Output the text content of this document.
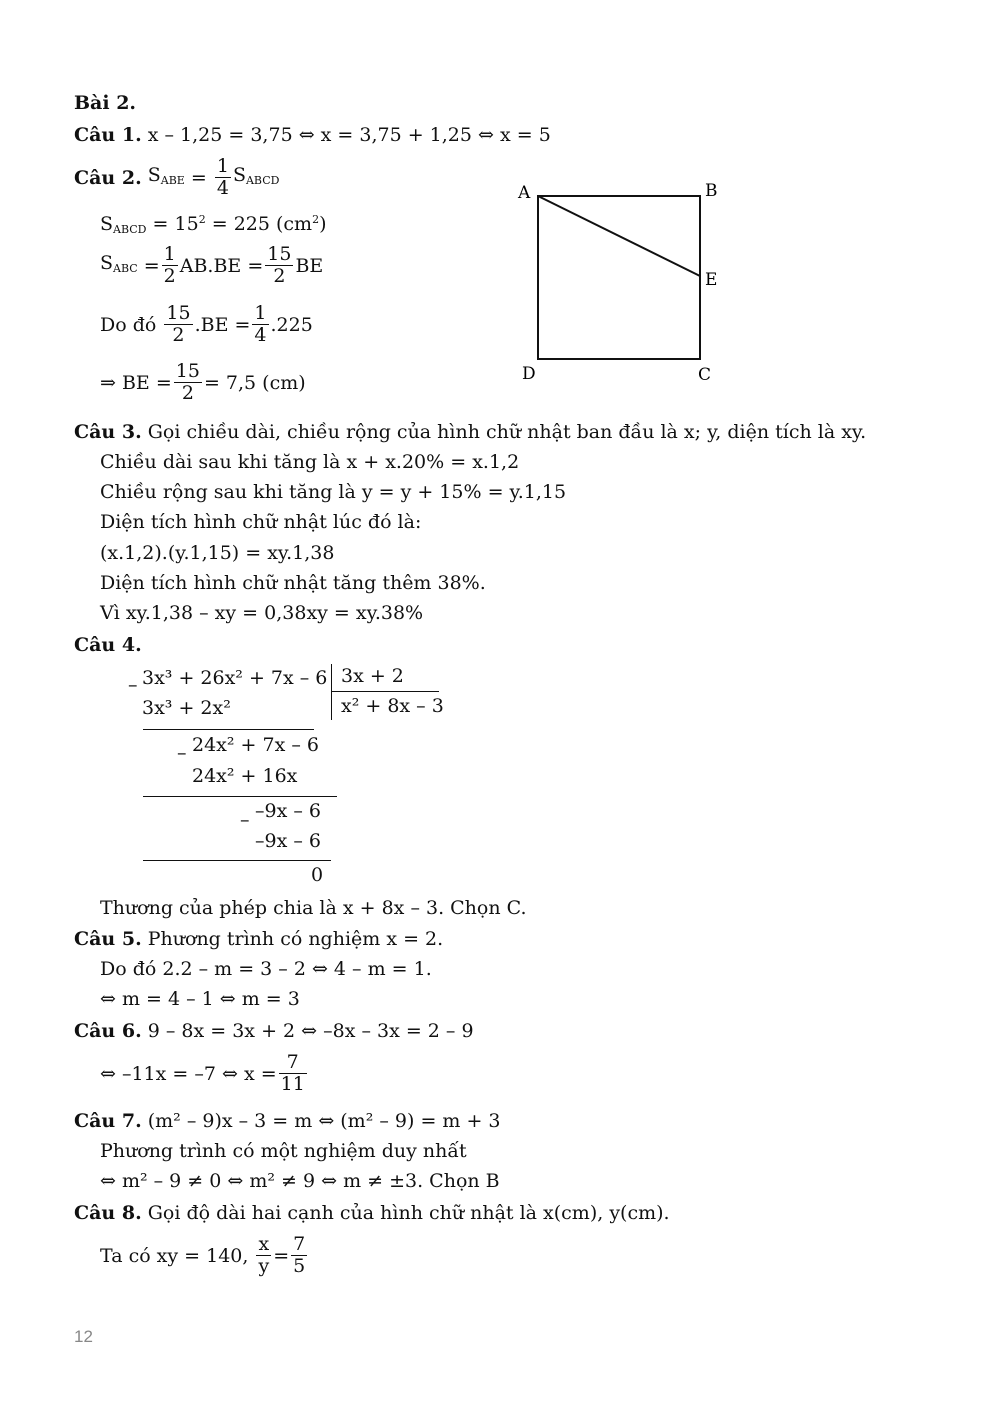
Bài 2.
Câu 1. x – 1,25 = 3,75 ⇔ x = 3,75 + 1,25 ⇔ x = 5
Câu 2.
$S_{ABE}$
=
$\frac{1}{4} S_{ABCD}$
$S_{ABCD} = 15^2 = 225$ $(cm^2)$
$S_{ABC}$
= $\frac{1}{2} AB.BE = \frac{15}{2}$ BE
Do đó
$\frac{15}{2} .BE = \frac{1}{4} .225$
⇒ BE = $\frac{15}{2} = 7,5$ (cm)
A	B
E
D	C
Câu 3. Gọi chiều dài, chiều rộng của hình chữ nhật ban đầu là x; y, diện tích là xy.
Chiều dài sau khi tăng là x + x.20% = x.1,2
Chiều rộng sau khi tăng là y = y + 15% = y.1,15
Diện tích hình chữ nhật lúc đó là:
(x.1,2).(y.1,15) = xy.1,38
Diện tích hình chữ nhật tăng thêm 38%.
Vì xy.1,38 – xy = 0,38xy = xy.38%
Câu 4.
– 3x³ + 26x² + 7x – 6
3x³ + 2x²
3x + 2
x² + 8x – 3
– 24x² + 7x – 6
24x² + 16x
– –9x – 6
–9x – 6
0
Thương của phép chia là x + 8x – 3. Chọn C.
Câu 5. Phương trình có nghiệm x = 2.
Do đó 2.2 – m = 3 – 2 ⇔ 4 – m = 1.
⇔ m = 4 – 1 ⇔ m = 3
Câu 6. 9 – 8x = 3x + 2 ⇔ –8x – 3x = 2 – 9
⇔ –11x = –7 ⇔ $x = \frac{7}{11}$
Câu 7. (m² – 9)x – 3 = m ⇔ (m² – 9) = m + 3
Phương trình có một nghiệm duy nhất
⇔ m² – 9 ≠ 0 ⇔ m² ≠ 9 ⇔ m ≠ ±3. Chọn B
Câu 8. Gọi độ dài hai cạnh của hình chữ nhật là x(cm), y(cm).
Ta có xy = 140,
$\frac{x}{y} = \frac{7}{5}$
12
